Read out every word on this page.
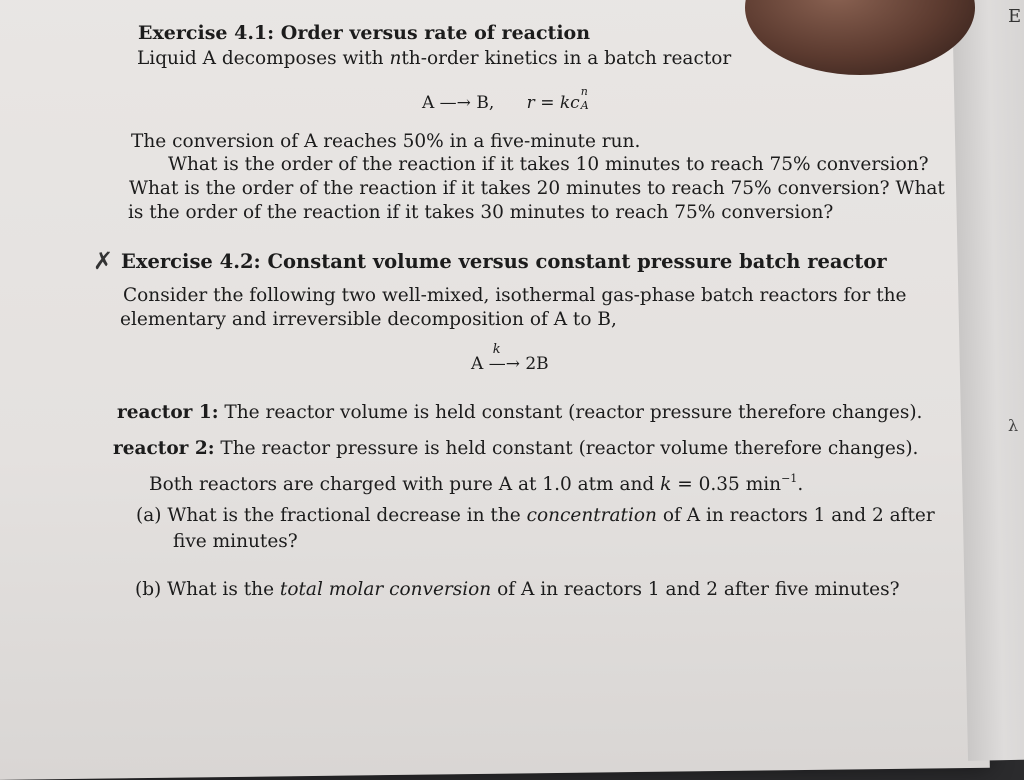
E
λ
Exercise 4.1: Order versus rate of reaction
Liquid A decomposes with nth-order kinetics in a batch reactor
A —→ B, r = kc
n
A
The conversion of A reaches 50% in a five-minute run.
What is the order of the reaction if it takes 10 minutes to reach 75% conversion?
What is the order of the reaction if it takes 20 minutes to reach 75% conversion? What
is the order of the reaction if it takes 30 minutes to reach 75% conversion?
✗ Exercise 4.2: Constant volume versus constant pressure batch reactor
Consider the following two well-mixed, isothermal gas-phase batch reactors for the
elementary and irreversible decomposition of A to B,
A
k
—→ 2B
reactor 1: The reactor volume is held constant (reactor pressure therefore changes).
reactor 2: The reactor pressure is held constant (reactor volume therefore changes).
Both reactors are charged with pure A at 1.0 atm and k = 0.35 $\min^{-1}$.
(a) What is the fractional decrease in the concentration of A in reactors 1 and 2 after
five minutes?
(b) What is the total molar conversion of A in reactors 1 and 2 after five minutes?
